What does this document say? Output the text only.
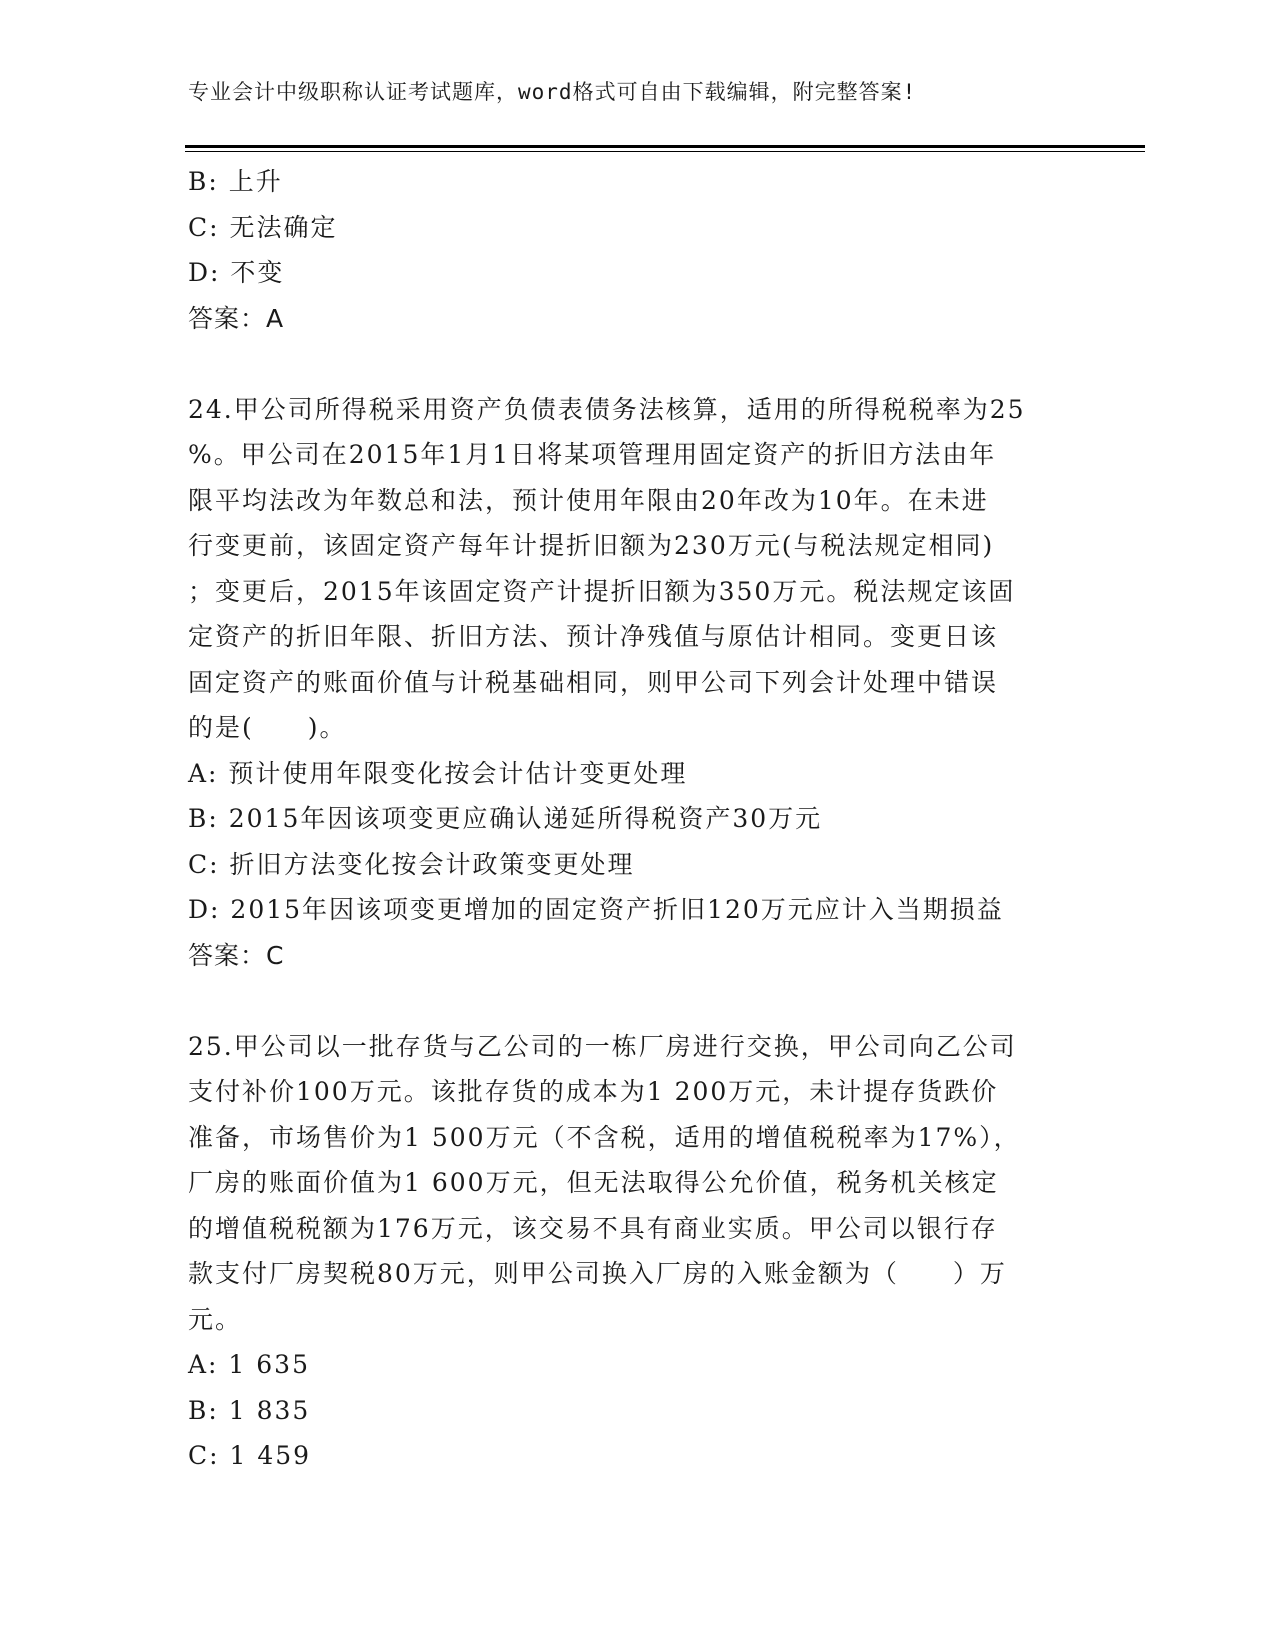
专业会计中级职称认证考试题库，word格式可自由下载编辑，附完整答案!
B: 上升
C: 无法确定
D: 不变
答案：A
24.甲公司所得税采用资产负债表债务法核算，适用的所得税税率为25
%。甲公司在2015年1月1日将某项管理用固定资产的折旧方法由年
限平均法改为年数总和法，预计使用年限由20年改为10年。在未进
行变更前，该固定资产每年计提折旧额为230万元(与税法规定相同)
；变更后，2015年该固定资产计提折旧额为350万元。税法规定该固
定资产的折旧年限、折旧方法、预计净残值与原估计相同。变更日该
固定资产的账面价值与计税基础相同，则甲公司下列会计处理中错误
的是(　　)。
A: 预计使用年限变化按会计估计变更处理
B: 2015年因该项变更应确认递延所得税资产30万元
C: 折旧方法变化按会计政策变更处理
D: 2015年因该项变更增加的固定资产折旧120万元应计入当期损益
答案：C
25.甲公司以一批存货与乙公司的一栋厂房进行交换，甲公司向乙公司
支付补价100万元。该批存货的成本为1 200万元，未计提存货跌价
准备，市场售价为1 500万元（不含税，适用的增值税税率为17%），
厂房的账面价值为1 600万元，但无法取得公允价值，税务机关核定
的增值税税额为176万元，该交易不具有商业实质。甲公司以银行存
款支付厂房契税80万元，则甲公司换入厂房的入账金额为（　　）万
元。
A: 1 635
B: 1 835
C: 1 459
